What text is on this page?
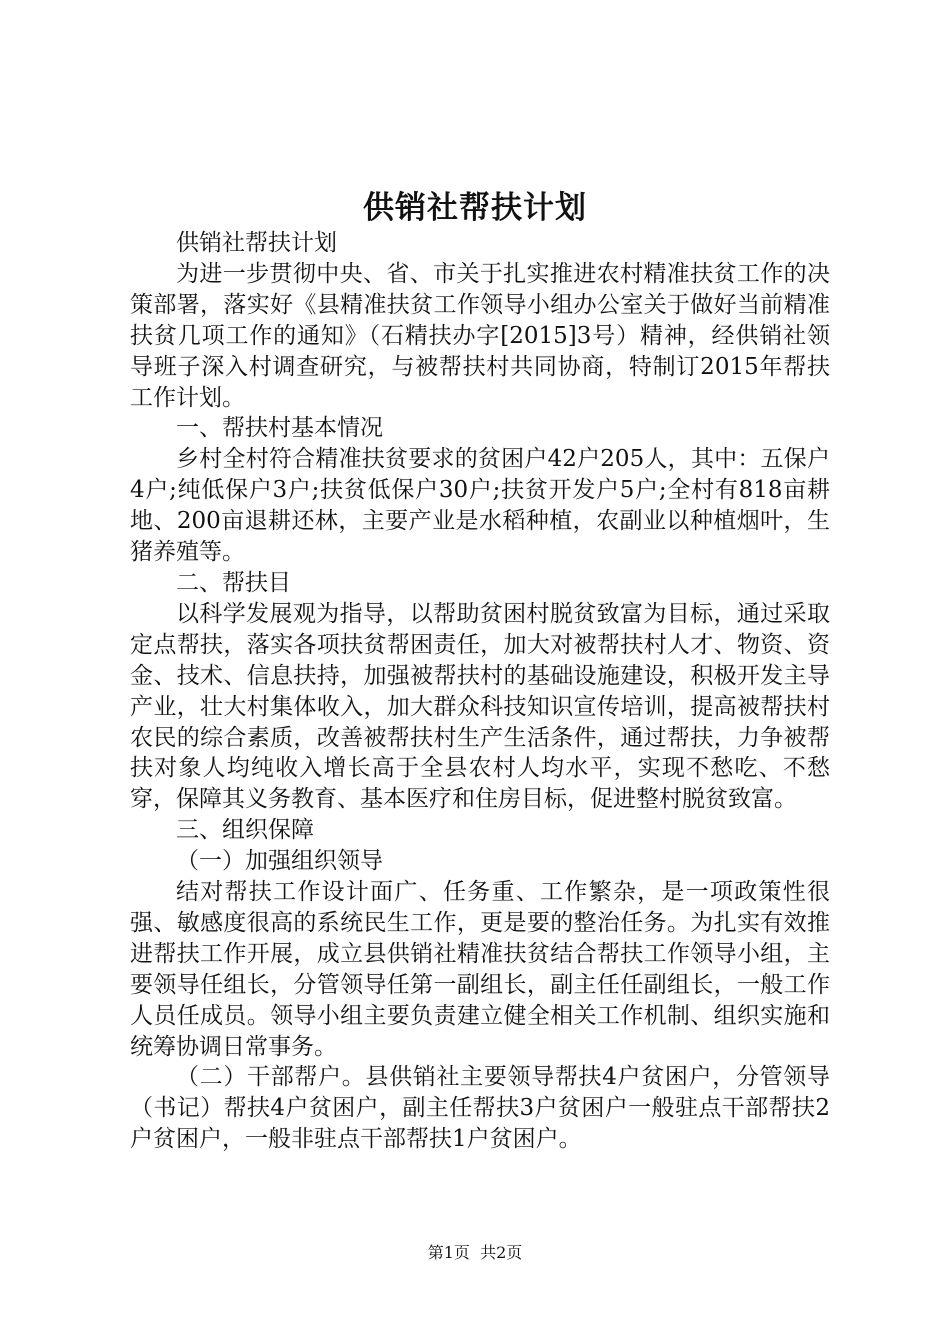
供销社帮扶计划

供销社帮扶计划

为进一步贯彻中央、省、市关于扎实推进农村精准扶贫工作的决策部署，落实好《县精准扶贫工作领导小组办公室关于做好当前精准扶贫几项工作的通知》（石精扶办字[2015]3号）精神，经供销社领导班子深入村调查研究，与被帮扶村共同协商，特制订2015年帮扶工作计划。

一、帮扶村基本情况

乡村全村符合精准扶贫要求的贫困户42户205人，其中：五保户4户;纯低保户3户;扶贫低保户30户;扶贫开发户5户;全村有818亩耕地、200亩退耕还林，主要产业是水稻种植，农副业以种植烟叶，生猪养殖等。

二、帮扶目

以科学发展观为指导，以帮助贫困村脱贫致富为目标，通过采取定点帮扶，落实各项扶贫帮困责任，加大对被帮扶村人才、物资、资金、技术、信息扶持，加强被帮扶村的基础设施建设，积极开发主导产业，壮大村集体收入，加大群众科技知识宣传培训，提高被帮扶村农民的综合素质，改善被帮扶村生产生活条件，通过帮扶，力争被帮扶对象人均纯收入增长高于全县农村人均水平，实现不愁吃、不愁穿，保障其义务教育、基本医疗和住房目标，促进整村脱贫致富。

三、组织保障

（一）加强组织领导

结对帮扶工作设计面广、任务重、工作繁杂，是一项政策性很强、敏感度很高的系统民生工作，更是要的整治任务。为扎实有效推进帮扶工作开展，成立县供销社精准扶贫结合帮扶工作领导小组，主要领导任组长，分管领导任第一副组长，副主任任副组长，一般工作人员任成员。领导小组主要负责建立健全相关工作机制、组织实施和统筹协调日常事务。

（二）干部帮户。县供销社主要领导帮扶4户贫困户，分管领导（书记）帮扶4户贫困户，副主任帮扶3户贫困户一般驻点干部帮扶2户贫困户，一般非驻点干部帮扶1户贫困户。

第1页 共2页
